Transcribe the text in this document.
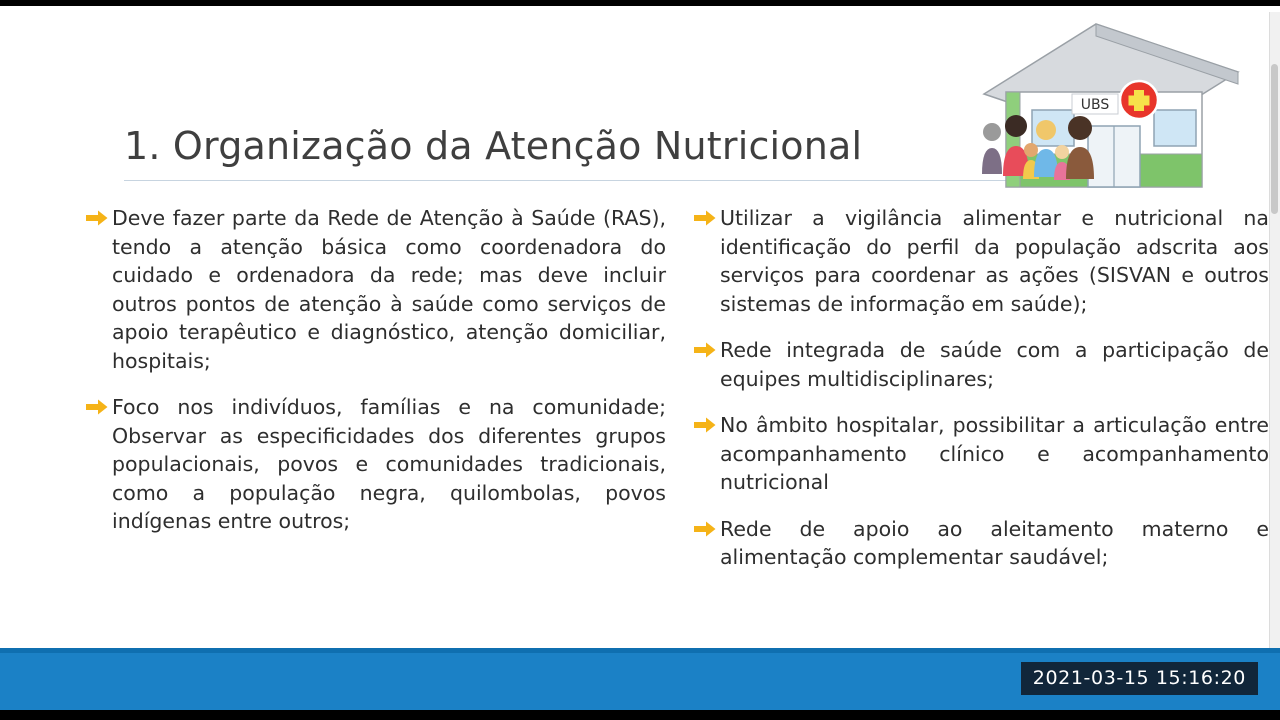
1. Organização da Atenção Nutricional
Deve fazer parte da Rede de Atenção à Saúde (RAS), tendo a atenção básica como coordenadora do cuidado e ordenadora da rede; mas deve incluir outros pontos de atenção à saúde como serviços de apoio terapêutico e diagnóstico, atenção domiciliar, hospitais;
Foco nos indivíduos, famílias e na comunidade; Observar as especificidades dos diferentes grupos populacionais, povos e comunidades tradicionais, como a população negra, quilombolas, povos indígenas entre outros;
Utilizar a vigilância alimentar e nutricional na identificação do perfil da população adscrita aos serviços para coordenar as ações (SISVAN e outros sistemas de informação em saúde);
Rede integrada de saúde com a participação de equipes multidisciplinares;
No âmbito hospitalar, possibilitar a articulação entre acompanhamento clínico e acompanhamento nutricional
Rede de apoio ao aleitamento materno e alimentação complementar saudável;
UBS
2021-03-15 15:16:20
